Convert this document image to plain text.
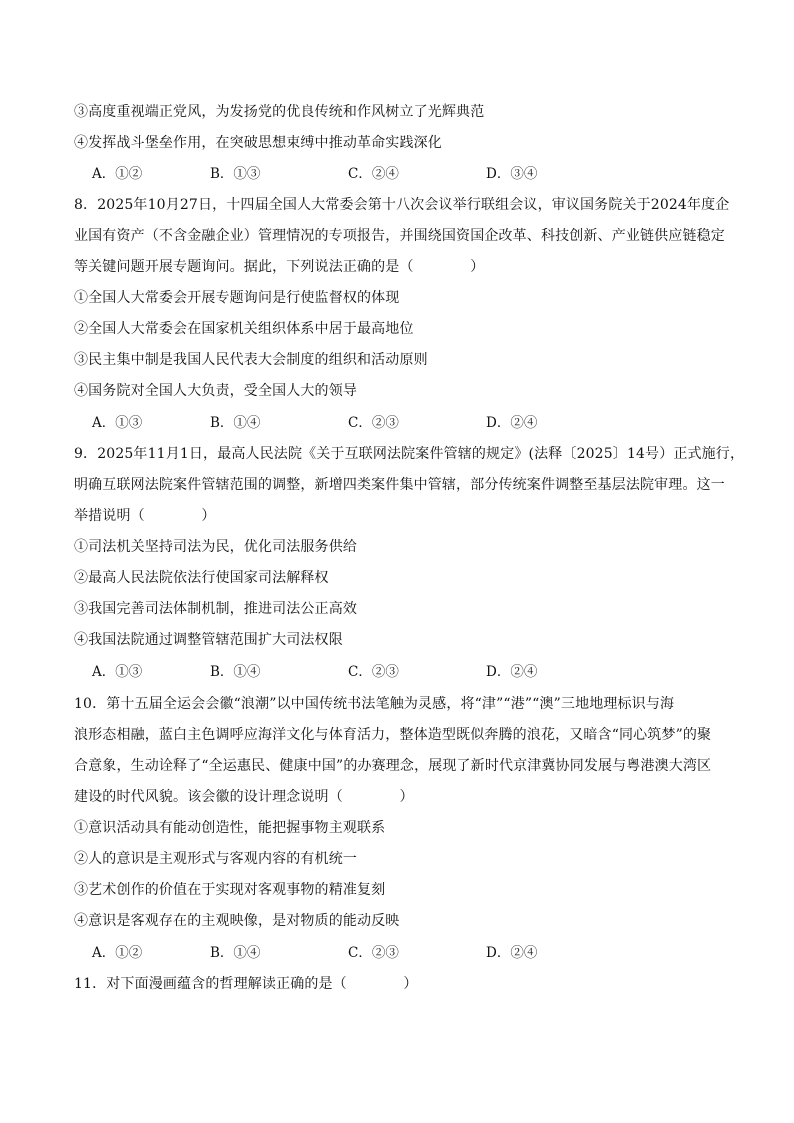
③高度重视端正党风，为发扬党的优良传统和作风树立了光辉典范
④发挥战斗堡垒作用，在突破思想束缚中推动革命实践深化
A．①②	B．①③	C．②④	D．③④
8．2025年10月27日，十四届全国人大常委会第十八次会议举行联组会议，审议国务院关于2024年度企
业国有资产（不含金融企业）管理情况的专项报告，并围绕国资国企改革、科技创新、产业链供应链稳定
等关键问题开展专题询问。据此，下列说法正确的是（　　　　）
①全国人大常委会开展专题询问是行使监督权的体现
②全国人大常委会在国家机关组织体系中居于最高地位
③民主集中制是我国人民代表大会制度的组织和活动原则
④国务院对全国人大负责，受全国人大的领导
A．①③	B．①④	C．②③	D．②④
9．2025年11月1日，最高人民法院《关于互联网法院案件管辖的规定》(法释〔2025〕14号）正式施行，
明确互联网法院案件管辖范围的调整，新增四类案件集中管辖，部分传统案件调整至基层法院审理。这一
举措说明（　　　　）
①司法机关坚持司法为民，优化司法服务供给
②最高人民法院依法行使国家司法解释权
③我国完善司法体制机制，推进司法公正高效
④我国法院通过调整管辖范围扩大司法权限
A．①③	B．①④	C．②③	D．②④
10．第十五届全运会会徽“浪潮”以中国传统书法笔触为灵感，将“津”“港”“澳”三地地理标识与海
浪形态相融，蓝白主色调呼应海洋文化与体育活力，整体造型既似奔腾的浪花，又暗含“同心筑梦”的聚
合意象，生动诠释了“全运惠民、健康中国”的办赛理念，展现了新时代京津冀协同发展与粤港澳大湾区
建设的时代风貌。该会徽的设计理念说明（　　　　）
①意识活动具有能动创造性，能把握事物主观联系
②人的意识是主观形式与客观内容的有机统一
③艺术创作的价值在于实现对客观事物的精准复刻
④意识是客观存在的主观映像，是对物质的能动反映
A．①②	B．①④	C．②③	D．②④
11．对下面漫画蕴含的哲理解读正确的是（　　　　）
